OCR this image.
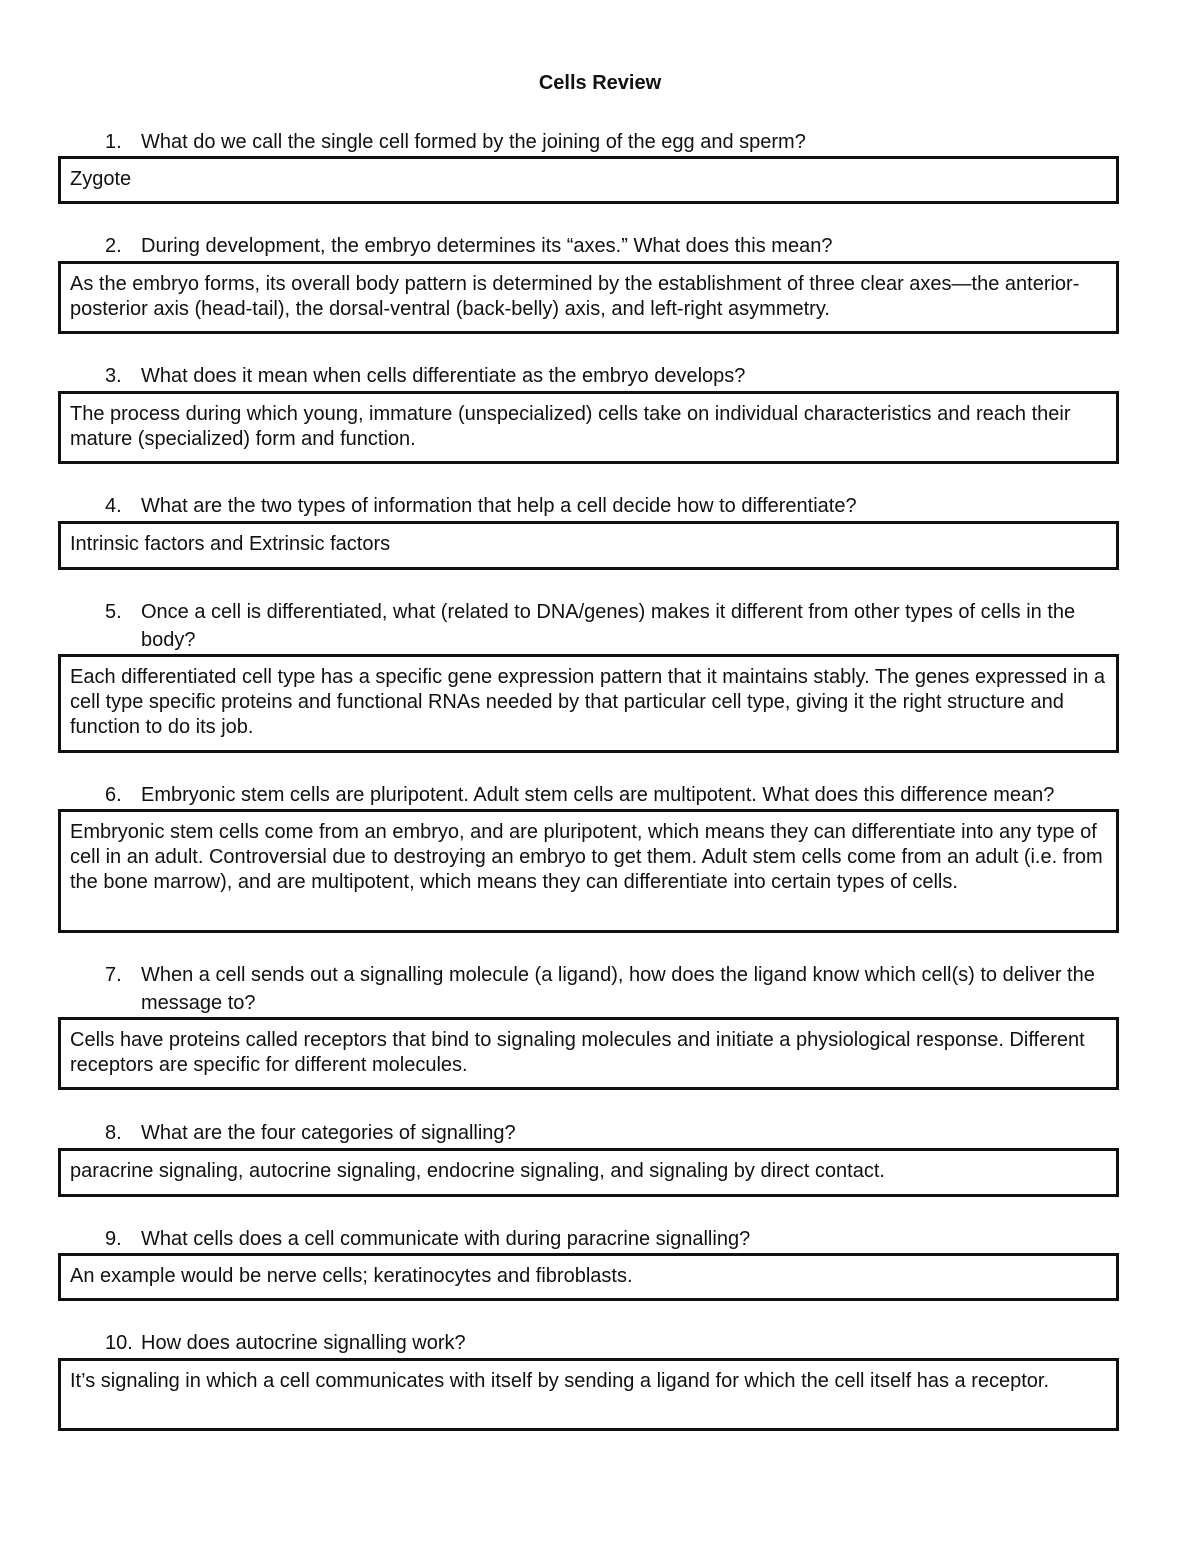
Cells Review
1. What do we call the single cell formed by the joining of the egg and sperm?
Zygote
2. During development, the embryo determines its “axes.” What does this mean?
As the embryo forms, its overall body pattern is determined by the establishment of three clear axes—the anterior-posterior axis (head-tail), the dorsal-ventral (back-belly) axis, and left-right asymmetry.
3. What does it mean when cells differentiate as the embryo develops?
The process during which young, immature (unspecialized) cells take on individual characteristics and reach their mature (specialized) form and function.
4. What are the two types of information that help a cell decide how to differentiate?
Intrinsic factors and Extrinsic factors
5. Once a cell is differentiated, what (related to DNA/genes) makes it different from other types of cells in the body?
Each differentiated cell type has a specific gene expression pattern that it maintains stably. The genes expressed in a cell type specific proteins and functional RNAs needed by that particular cell type, giving it the right structure and function to do its job.
6. Embryonic stem cells are pluripotent. Adult stem cells are multipotent. What does this difference mean?
Embryonic stem cells come from an embryo, and are pluripotent, which means they can differentiate into any type of cell in an adult. Controversial due to destroying an embryo to get them. Adult stem cells come from an adult (i.e. from the bone marrow), and are multipotent, which means they can differentiate into certain types of cells.
7. When a cell sends out a signalling molecule (a ligand), how does the ligand know which cell(s) to deliver the message to?
Cells have proteins called receptors that bind to signaling molecules and initiate a physiological response. Different receptors are specific for different molecules.
8. What are the four categories of signalling?
paracrine signaling, autocrine signaling, endocrine signaling, and signaling by direct contact.
9. What cells does a cell communicate with during paracrine signalling?
An example would be nerve cells; keratinocytes and fibroblasts.
10. How does autocrine signalling work?
It’s signaling in which a cell communicates with itself by sending a ligand for which the cell itself has a receptor.
